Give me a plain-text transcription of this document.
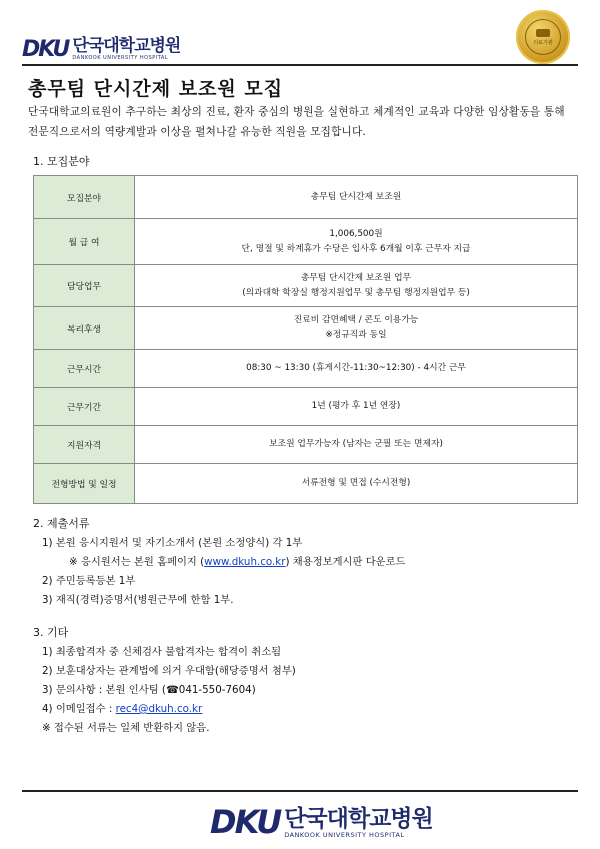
DKU 단국대학교병원
DANKOOK UNIVERSITY HOSPITAL
의료기관
총무팀 단시간제 보조원 모집
단국대학교의료원이 추구하는 최상의 진료, 환자 중심의 병원을 실현하고 체계적인 교육과 다양한 임상활동을 통해 전문직으로서의 역량계발과 이상을 펼쳐나갈 유능한 직원을 모집합니다.
1. 모집분야
모집분야	총무팀 단시간제 보조원

월 급 여	1,006,500원
단, 명절 및 하계휴가 수당은 입사후 6개월 이후 근무자 지급

담당업무	총무팀 단시간제 보조원 업무
(의과대학 학장실 행정지원업무 및 총무팀 행정지원업무 등)

복리후생	진료비 감면혜택 / 콘도 이용가능
※정규직과 동일

근무시간	08:30 ~ 13:30 (휴게시간-11:30~12:30) - 4시간 근무

근무기간	1년 (평가 후 1년 연장)

지원자격	보조원 업무가능자 (남자는 군필 또는 면제자)

전형방법 및 일정	서류전형 및 면접 (수시전형)
2. 제출서류
1) 본원 응시지원서 및 자기소개서 (본원 소정양식) 각 1부
※ 응시원서는 본원 홈페이지 (www.dkuh.co.kr) 채용정보게시판 다운로드
2) 주민등록등본 1부
3) 재직(경력)증명서(병원근무에 한함 1부.
3. 기타
1) 최종합격자 중 신체검사 불합격자는 합격이 취소됨
2) 보훈대상자는 관계법에 의거 우대함(해당증명서 첨부)
3) 문의사항 : 본원 인사팀 (☎041-550-7604)
4) 이메일접수 : rec4@dkuh.co.kr
※ 접수된 서류는 일체 반환하지 않음.
DKU 단국대학교병원
DANKOOK UNIVERSITY HOSPITAL
